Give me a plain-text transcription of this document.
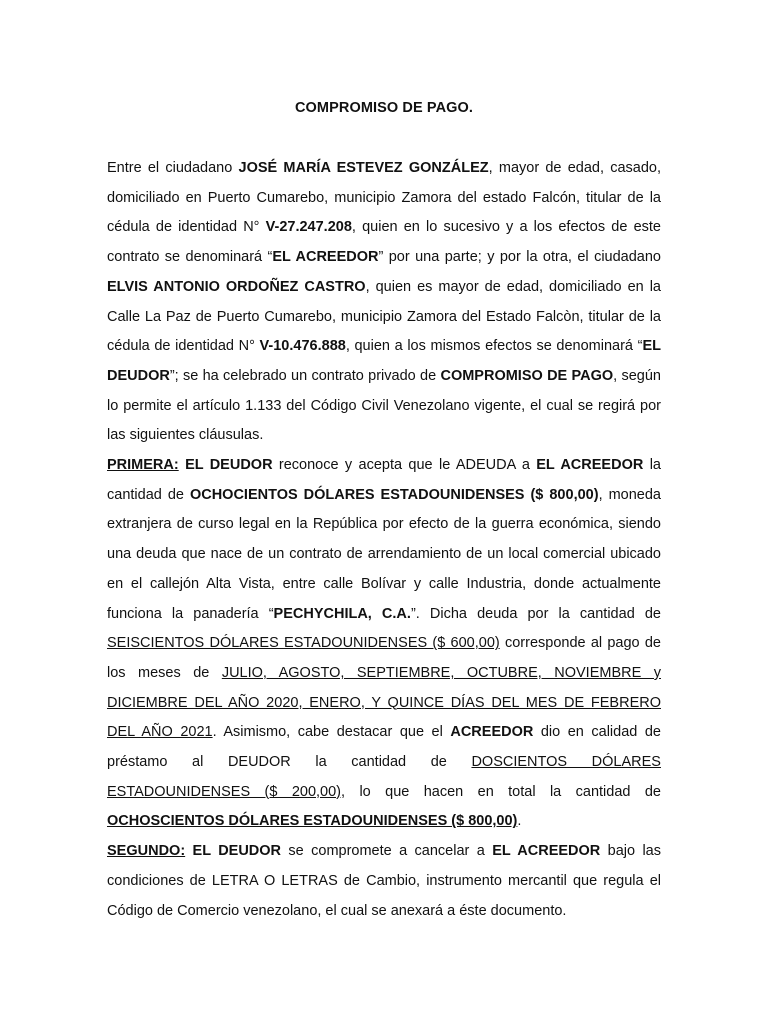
COMPROMISO DE PAGO.

Entre el ciudadano JOSÉ MARÍA ESTEVEZ GONZÁLEZ, mayor de edad, casado, domiciliado en Puerto Cumarebo, municipio Zamora del estado Falcón, titular de la cédula de identidad N° V-27.247.208, quien en lo sucesivo y a los efectos de este contrato se denominará “EL ACREEDOR” por una parte; y por la otra, el ciudadano ELVIS ANTONIO ORDOÑEZ CASTRO, quien es mayor de edad, domiciliado en la Calle La Paz de Puerto Cumarebo, municipio Zamora del Estado Falcòn, titular de la cédula de identidad N° V-10.476.888, quien a los mismos efectos se denominará “EL DEUDOR”; se ha celebrado un contrato privado de COMPROMISO DE PAGO, según lo permite el artículo 1.133 del Código Civil Venezolano vigente, el cual se regirá por las siguientes cláusulas.

PRIMERA: EL DEUDOR reconoce y acepta que le ADEUDA a EL ACREEDOR la cantidad de OCHOCIENTOS DÓLARES ESTADOUNIDENSES ($ 800,00), moneda extranjera de curso legal en la República por efecto de la guerra económica, siendo una deuda que nace de un contrato de arrendamiento de un local comercial ubicado en el callejón Alta Vista, entre calle Bolívar y calle Industria, donde actualmente funciona la panadería “PECHYCHILA, C.A.”. Dicha deuda por la cantidad de SEISCIENTOS DÓLARES ESTADOUNIDENSES ($ 600,00) corresponde al pago de los meses de JULIO, AGOSTO, SEPTIEMBRE, OCTUBRE, NOVIEMBRE y DICIEMBRE DEL AÑO 2020, ENERO, Y QUINCE DÍAS DEL MES DE FEBRERO DEL AÑO 2021. Asimismo, cabe destacar que el ACREEDOR dio en calidad de préstamo al DEUDOR la cantidad de DOSCIENTOS DÓLARES ESTADOUNIDENSES ($ 200,00), lo que hacen en total la cantidad de OCHOSCIENTOS DÓLARES ESTADOUNIDENSES ($ 800,00).

SEGUNDO: EL DEUDOR se compromete a cancelar a EL ACREEDOR bajo las condiciones de LETRA O LETRAS de Cambio, instrumento mercantil que regula el Código de Comercio venezolano, el cual se anexará a éste documento.
